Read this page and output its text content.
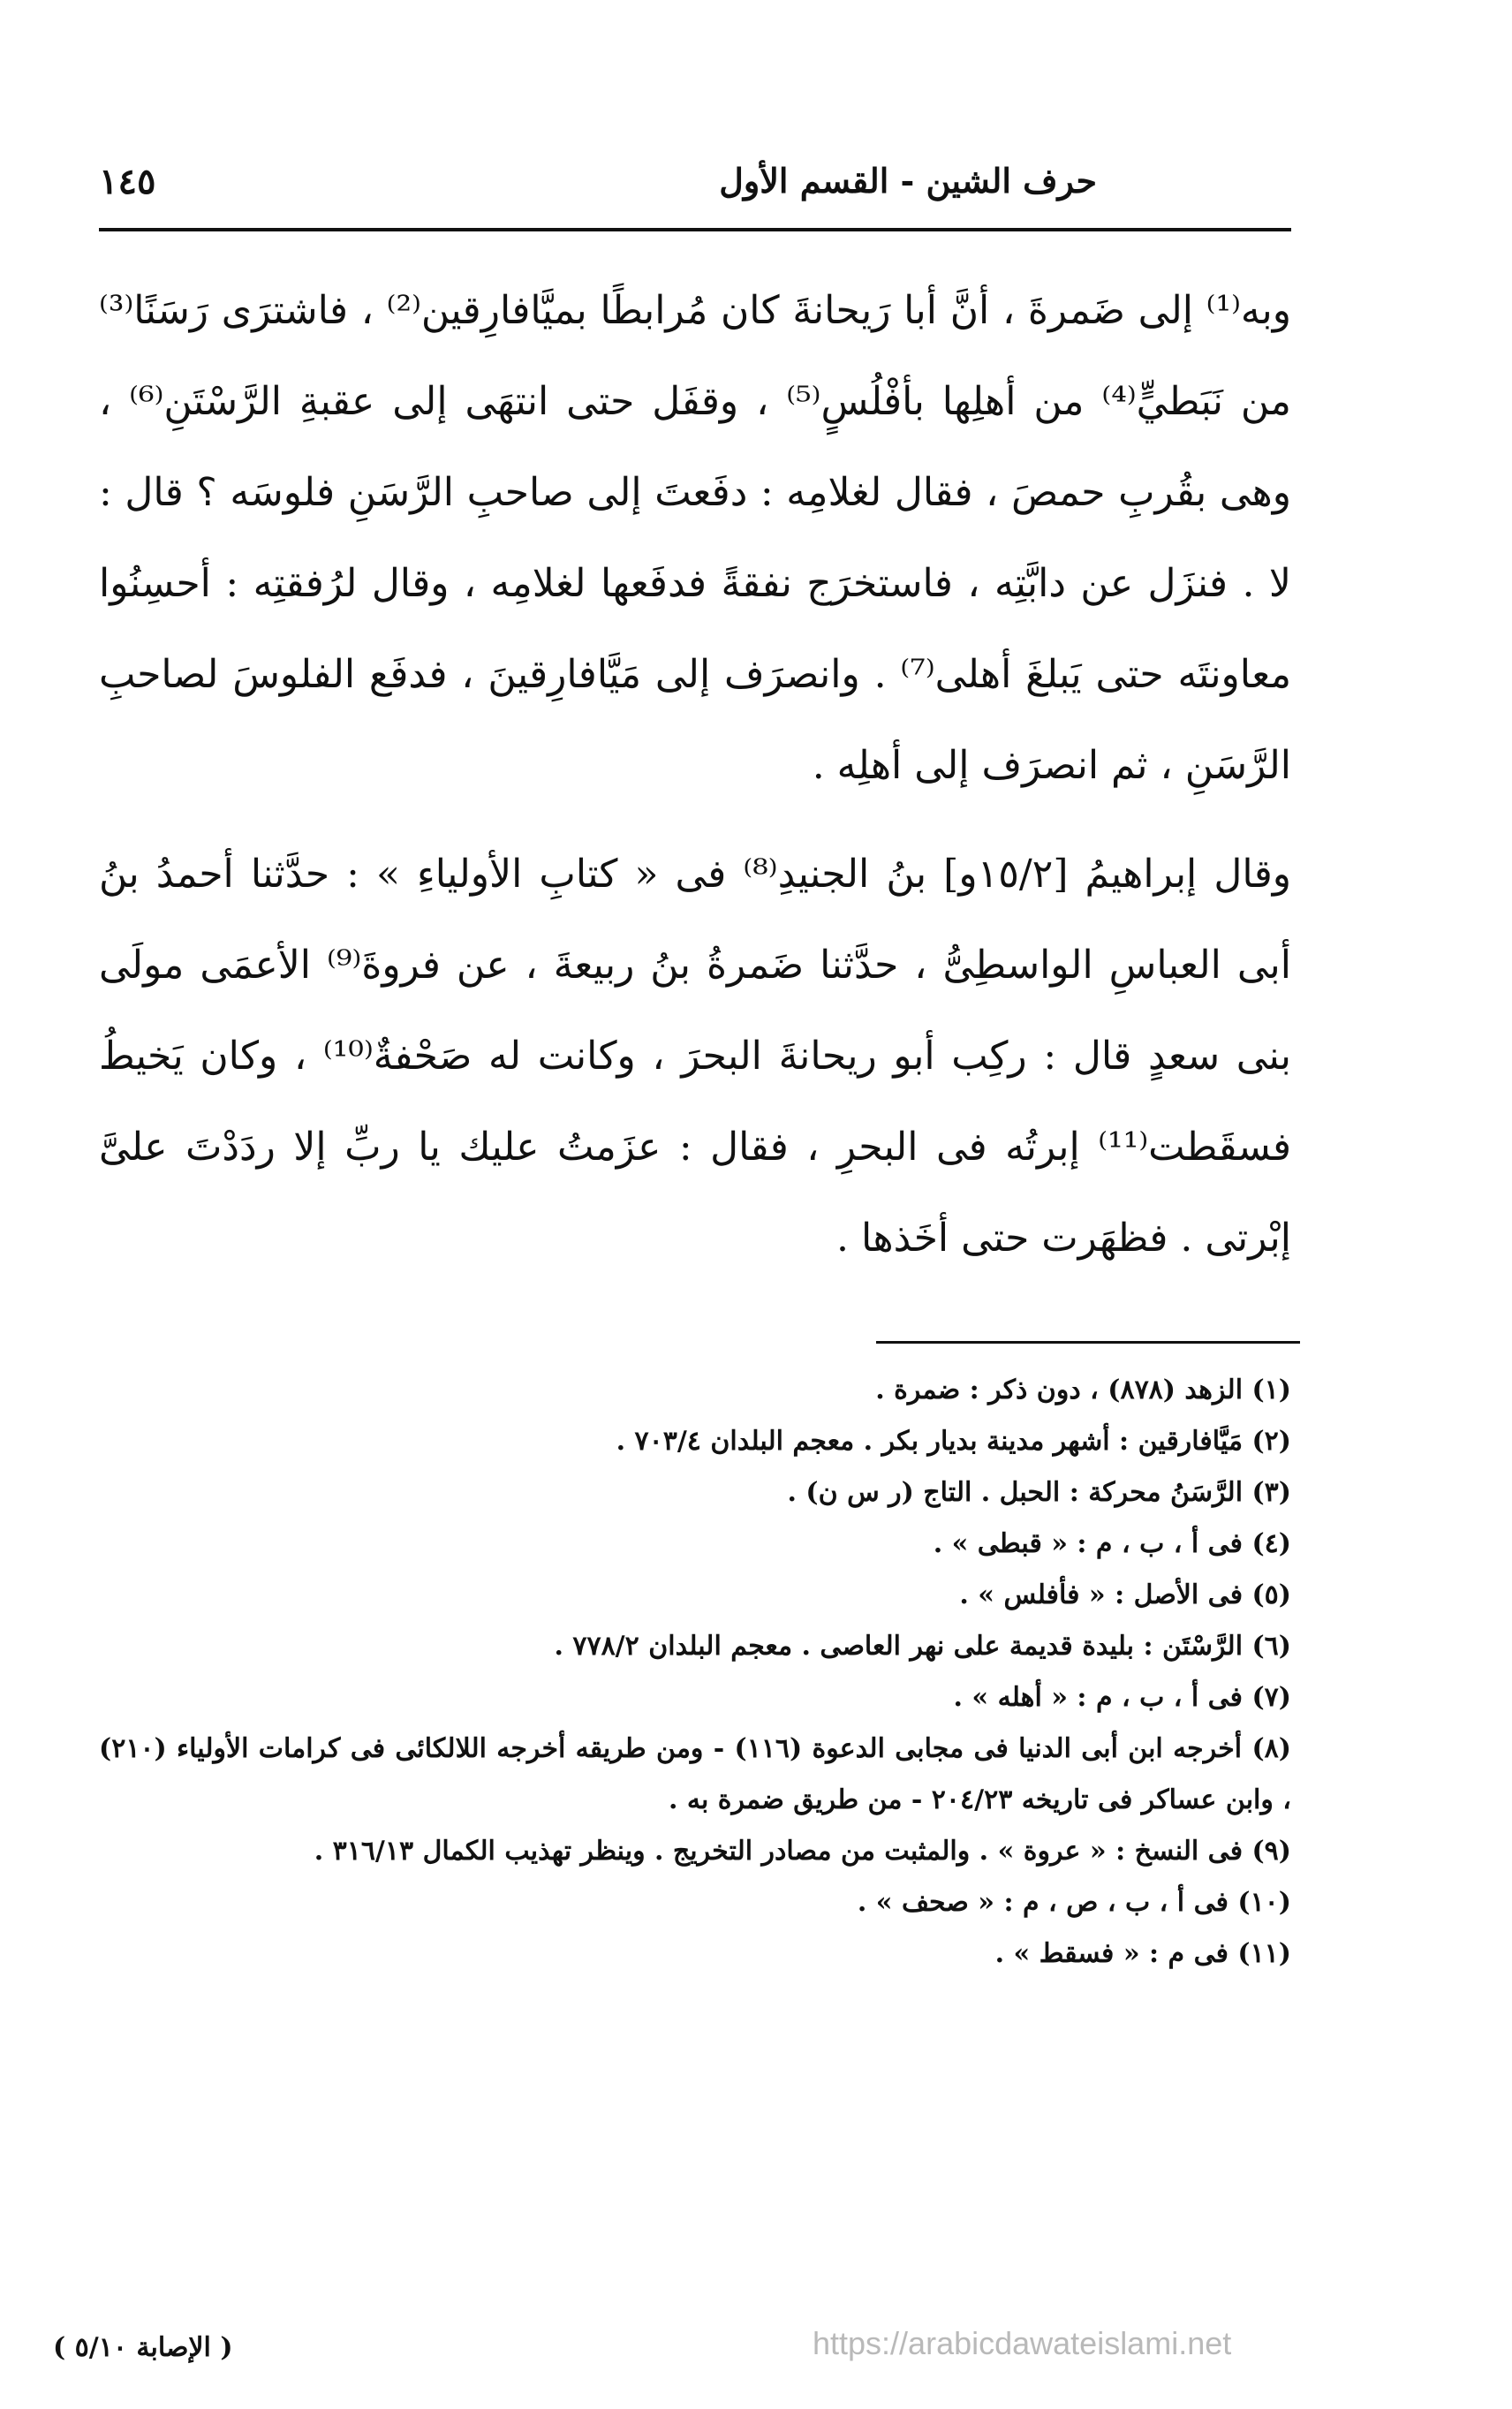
حرف الشين - القسم الأول
١٤٥

وبه⁽¹⁾ إلى ضَمرةَ ، أنَّ أبا رَيحانةَ كان مُرابطًا بميَّافارِقين⁽²⁾ ، فاشترَى رَسَنًا⁽³⁾ من نَبَطيٍّ⁽⁴⁾ من أهلِها بأفْلُسٍ⁽⁵⁾ ، وقفَل حتى انتهَى إلى عقبةِ الرَّسْتَنِ⁽⁶⁾ ، وهى بقُربِ حمصَ ، فقال لغلامِه : دفَعتَ إلى صاحبِ الرَّسَنِ فلوسَه ؟ قال : لا . فنزَل عن دابَّتِه ، فاستخرَج نفقةً فدفَعها لغلامِه ، وقال لرُفقتِه : أحسِنُوا معاونتَه حتى يَبلغَ أهلى⁽⁷⁾ . وانصرَف إلى مَيَّافارِقينَ ، فدفَع الفلوسَ لصاحبِ الرَّسَنِ ، ثم انصرَف إلى أهلِه .

وقال إبراهيمُ [١٥/٢و] بنُ الجنيدِ⁽⁸⁾ فى « كتابِ الأولياءِ » : حدَّثنا أحمدُ بنُ أبى العباسِ الواسطِىُّ ، حدَّثنا ضَمرةُ بنُ ربيعةَ ، عن فروةَ⁽⁹⁾ الأعمَى مولَى بنى سعدٍ قال : ركِب أبو ريحانةَ البحرَ ، وكانت له صَحْفةٌ⁽¹⁰⁾ ، وكان يَخيطُ فسقَطت⁽¹¹⁾ إبرتُه فى البحرِ ، فقال : عزَمتُ عليك يا ربِّ إلا ردَدْتَ علىَّ إبْرتى . فظهَرت حتى أخَذها .

(١) الزهد (٨٧٨) ، دون ذكر : ضمرة .
(٢) مَيَّافارقين : أشهر مدينة بديار بكر . معجم البلدان ٧٠٣/٤ .
(٣) الرَّسَنُ محركة : الحبل . التاج (ر س ن) .
(٤) فى أ ، ب ، م : « قبطى » .
(٥) فى الأصل : « فأفلس » .
(٦) الرَّسْتَن : بليدة قديمة على نهر العاصى . معجم البلدان ٧٧٨/٢ .
(٧) فى أ ، ب ، م : « أهله » .
(٨) أخرجه ابن أبى الدنيا فى مجابى الدعوة (١١٦) - ومن طريقه أخرجه اللالكائى فى كرامات الأولياء (٢١٠) ، وابن عساكر فى تاريخه ٢٠٤/٢٣ - من طريق ضمرة به .
(٩) فى النسخ : « عروة » . والمثبت من مصادر التخريج . وينظر تهذيب الكمال ٣١٦/١٣ .
(١٠) فى أ ، ب ، ص ، م : « صحف » .
(١١) فى م : « فسقط » .
( الإصابة ٥/١٠ )	https://arabicdawateislami.net
